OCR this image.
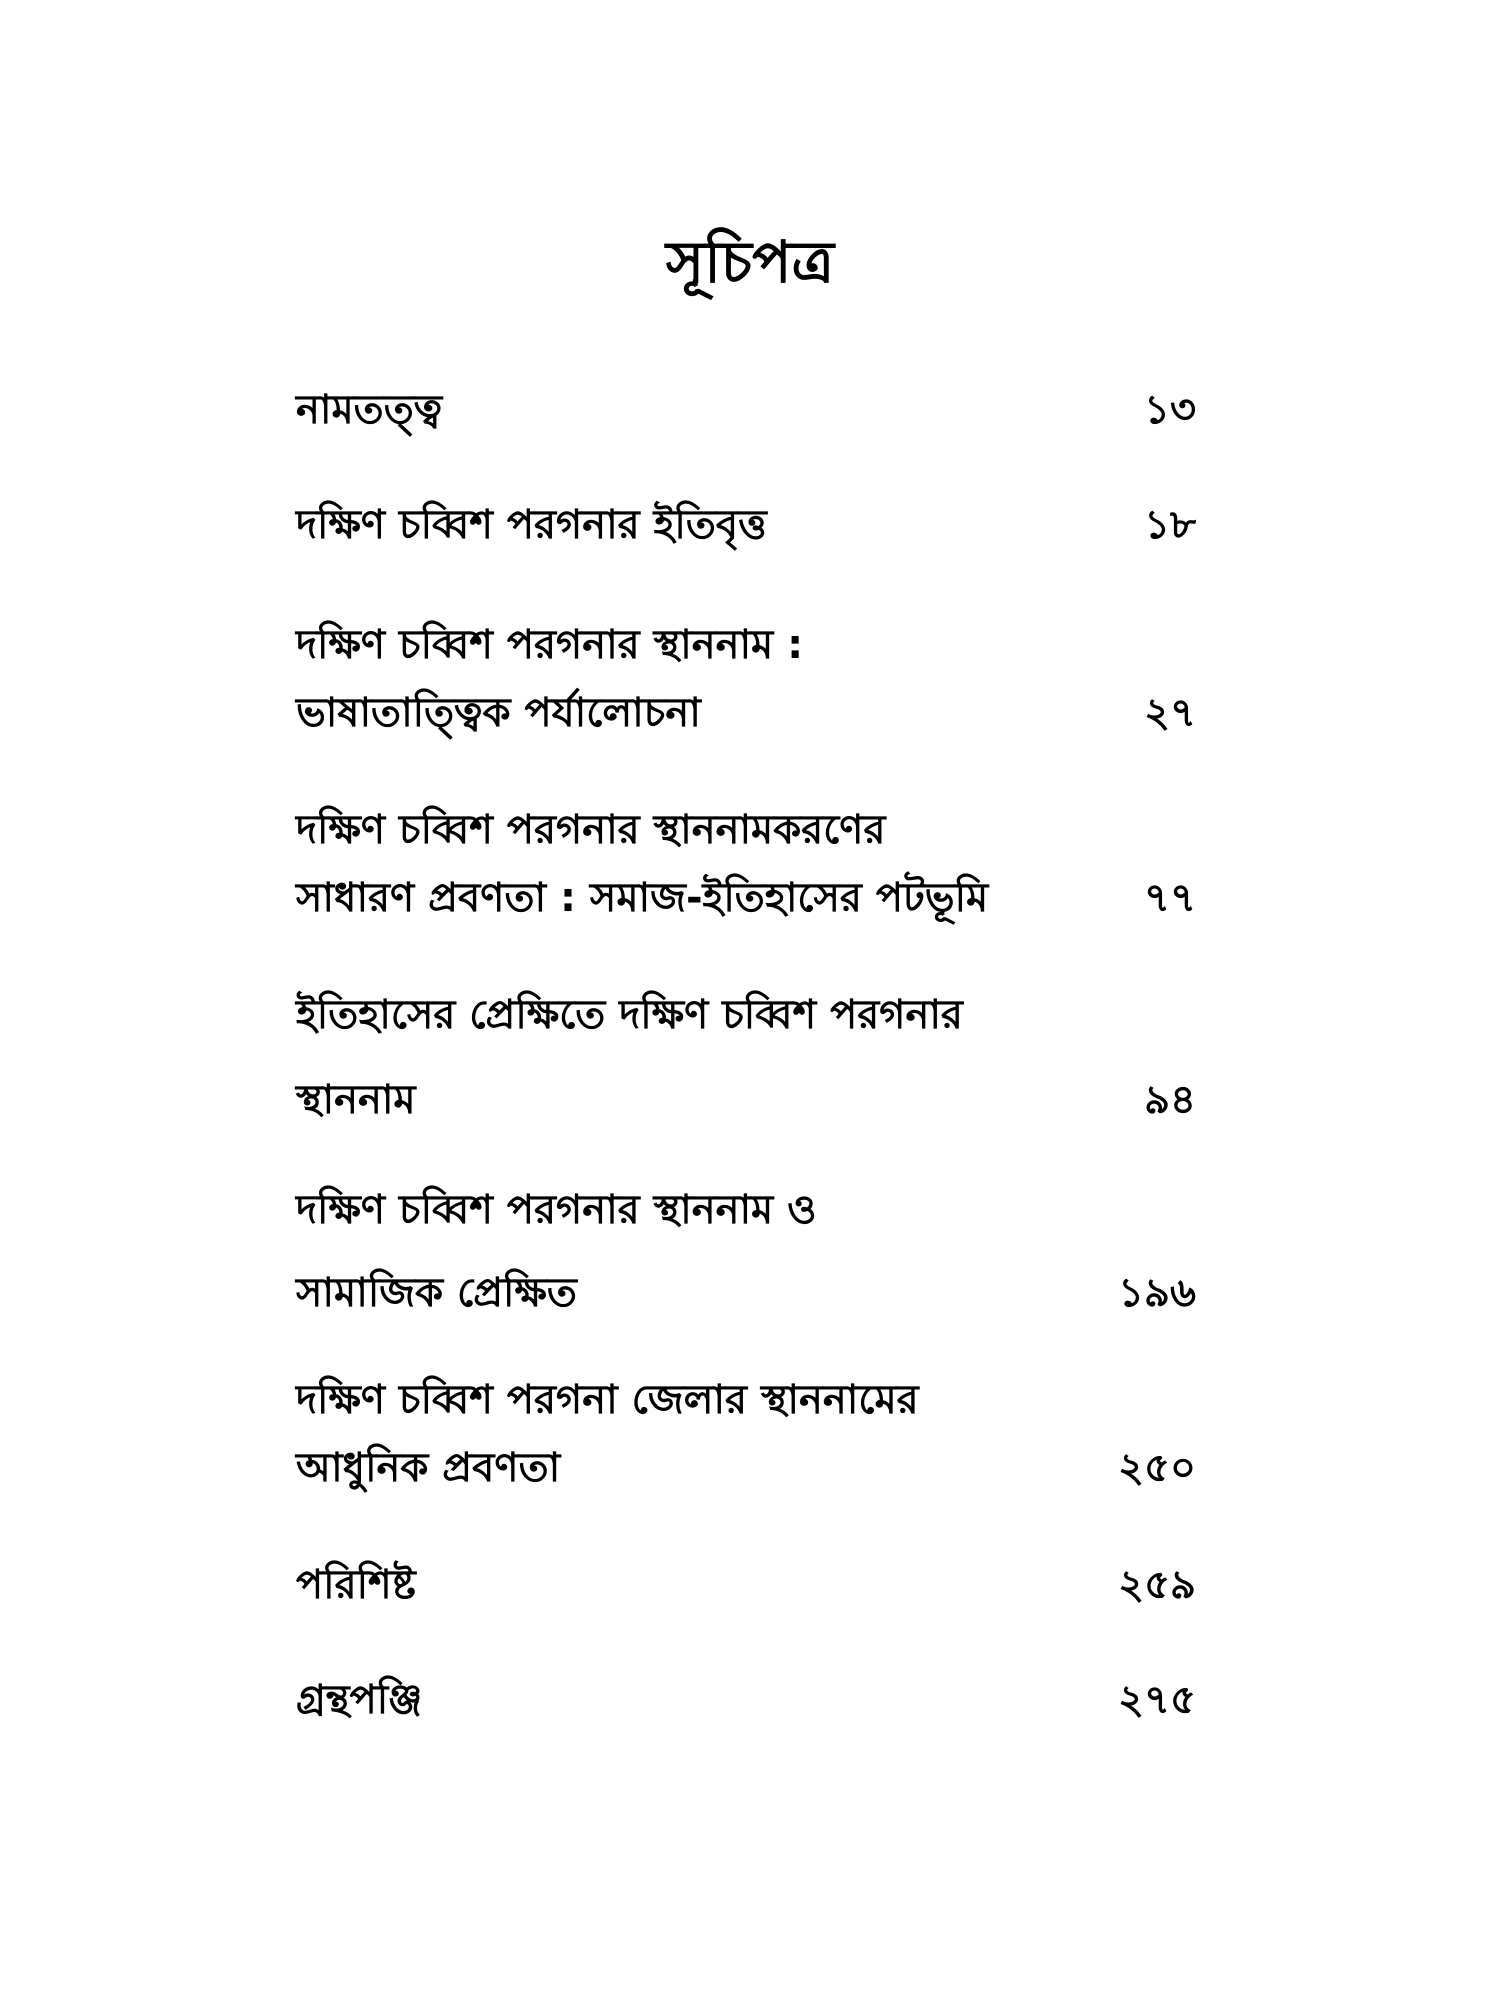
সূচিপত্র
নামতত্ত্ব	১৩
দক্ষিণ চব্বিশ পরগনার ইতিবৃত্ত	১৮
দক্ষিণ চব্বিশ পরগনার স্থাননাম :
ভাষাতাত্ত্বিক পর্যালোচনা	২৭
দক্ষিণ চব্বিশ পরগনার স্থাননামকরণের
সাধারণ প্রবণতা : সমাজ-ইতিহাসের পটভূমি	৭৭
ইতিহাসের প্রেক্ষিতে দক্ষিণ চব্বিশ পরগনার
স্থাননাম	৯৪
দক্ষিণ চব্বিশ পরগনার স্থাননাম ও
সামাজিক প্রেক্ষিত	১৯৬
দক্ষিণ চব্বিশ পরগনা জেলার স্থাননামের
আধুনিক প্রবণতা	২৫০
পরিশিষ্ট	২৫৯
গ্রন্থপঞ্জি	২৭৫
